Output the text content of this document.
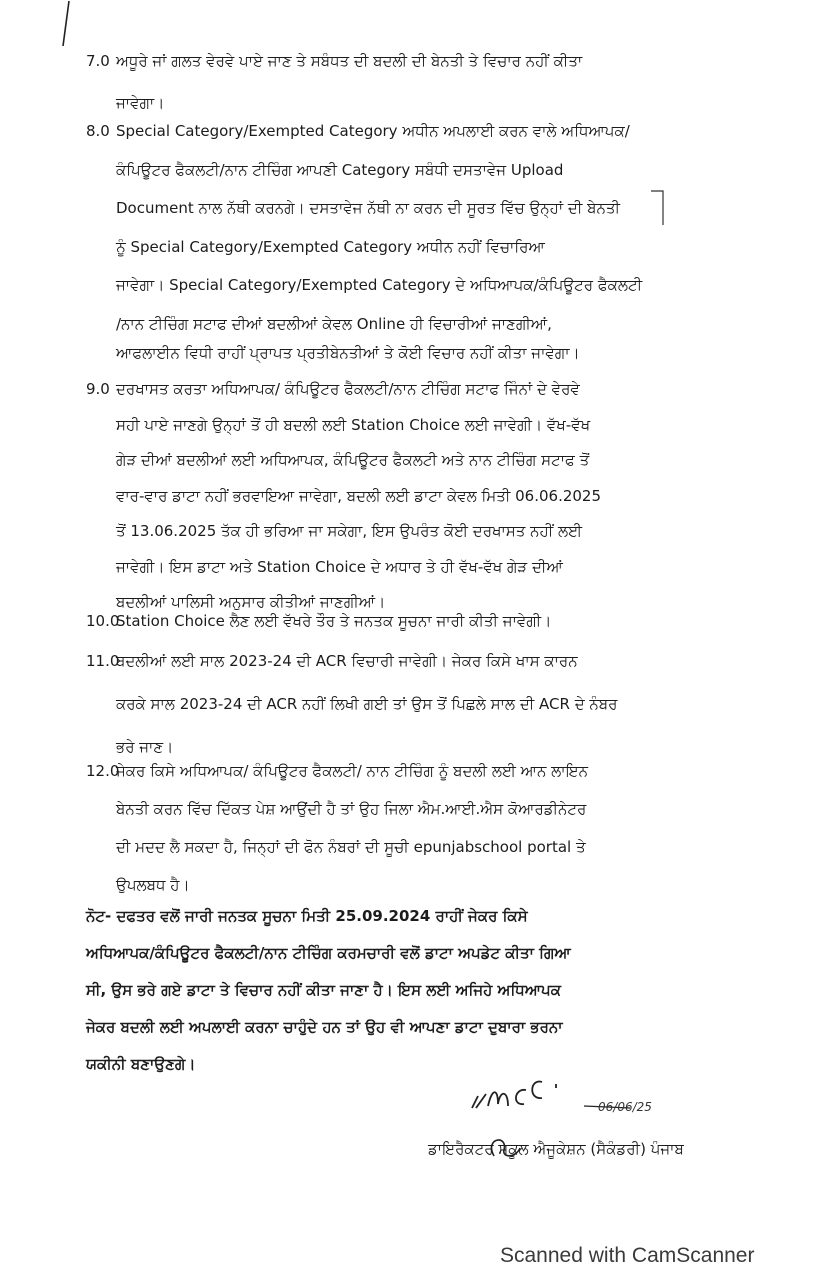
7.0 ਅਧੂਰੇ ਜਾਂ ਗਲਤ ਵੇਰਵੇ ਪਾਏ ਜਾਣ ਤੇ ਸਬੰਧਤ ਦੀ ਬਦਲੀ ਦੀ ਬੇਨਤੀ ਤੇ ਵਿਚਾਰ ਨਹੀਂ ਕੀਤਾ
ਜਾਵੇਗਾ।
8.0 Special Category/Exempted Category ਅਧੀਨ ਅਪਲਾਈ ਕਰਨ ਵਾਲੇ ਅਧਿਆਪਕ/
ਕੰਪਿਊਟਰ ਫੈਕਲਟੀ/ਨਾਨ ਟੀਚਿੰਗ ਆਪਣੀ Category ਸਬੰਧੀ ਦਸਤਾਵੇਜ Upload
Document ਨਾਲ ਨੱਥੀ ਕਰਨਗੇ। ਦਸਤਾਵੇਜ ਨੱਥੀ ਨਾ ਕਰਨ ਦੀ ਸੂਰਤ ਵਿੱਚ ਉਨ੍ਹਾਂ ਦੀ ਬੇਨਤੀ
ਨੂੰ Special Category/Exempted Category ਅਧੀਨ ਨਹੀਂ ਵਿਚਾਰਿਆ
ਜਾਵੇਗਾ। Special Category/Exempted Category ਦੇ ਅਧਿਆਪਕ/ਕੰਪਿਊਟਰ ਫੈਕਲਟੀ
/ਨਾਨ ਟੀਚਿੰਗ ਸਟਾਫ ਦੀਆਂ ਬਦਲੀਆਂ ਕੇਵਲ Online ਹੀ ਵਿਚਾਰੀਆਂ ਜਾਣਗੀਆਂ,
ਆਫਲਾਈਨ ਵਿਧੀ ਰਾਹੀਂ ਪ੍ਰਾਪਤ ਪ੍ਰਤੀਬੇਨਤੀਆਂ ਤੇ ਕੋਈ ਵਿਚਾਰ ਨਹੀਂ ਕੀਤਾ ਜਾਵੇਗਾ।
9.0 ਦਰਖਾਸਤ ਕਰਤਾ ਅਧਿਆਪਕ/ ਕੰਪਿਊਟਰ ਫੈਕਲਟੀ/ਨਾਨ ਟੀਚਿੰਗ ਸਟਾਫ ਜਿੰਨਾਂ ਦੇ ਵੇਰਵੇ
ਸਹੀ ਪਾਏ ਜਾਣਗੇ ਉਨ੍ਹਾਂ ਤੋਂ ਹੀ ਬਦਲੀ ਲਈ Station Choice ਲਈ ਜਾਵੇਗੀ। ਵੱਖ-ਵੱਖ
ਗੇੜ ਦੀਆਂ ਬਦਲੀਆਂ ਲਈ ਅਧਿਆਪਕ, ਕੰਪਿਊਟਰ ਫੈਕਲਟੀ ਅਤੇ ਨਾਨ ਟੀਚਿੰਗ ਸਟਾਫ ਤੋਂ
ਵਾਰ-ਵਾਰ ਡਾਟਾ ਨਹੀਂ ਭਰਵਾਇਆ ਜਾਵੇਗਾ, ਬਦਲੀ ਲਈ ਡਾਟਾ ਕੇਵਲ ਮਿਤੀ 06.06.2025
ਤੋਂ 13.06.2025 ਤੱਕ ਹੀ ਭਰਿਆ ਜਾ ਸਕੇਗਾ, ਇਸ ਉਪਰੰਤ ਕੋਈ ਦਰਖਾਸਤ ਨਹੀਂ ਲਈ
ਜਾਵੇਗੀ। ਇਸ ਡਾਟਾ ਅਤੇ Station Choice ਦੇ ਅਧਾਰ ਤੇ ਹੀ ਵੱਖ-ਵੱਖ ਗੇੜ ਦੀਆਂ
ਬਦਲੀਆਂ ਪਾਲਿਸੀ ਅਨੁਸਾਰ ਕੀਤੀਆਂ ਜਾਣਗੀਆਂ।
10.0
Station Choice ਲੈਣ ਲਈ ਵੱਖਰੇ ਤੌਰ ਤੇ ਜਨਤਕ ਸੂਚਨਾ ਜਾਰੀ ਕੀਤੀ ਜਾਵੇਗੀ।
11.0
ਬਦਲੀਆਂ ਲਈ ਸਾਲ 2023-24 ਦੀ ACR ਵਿਚਾਰੀ ਜਾਵੇਗੀ। ਜੇਕਰ ਕਿਸੇ ਖਾਸ ਕਾਰਨ
ਕਰਕੇ ਸਾਲ 2023-24 ਦੀ ACR ਨਹੀਂ ਲਿਖੀ ਗਈ ਤਾਂ ਉਸ ਤੋਂ ਪਿਛਲੇ ਸਾਲ ਦੀ ACR ਦੇ ਨੰਬਰ
ਭਰੇ ਜਾਣ।
12.0
ਜੇਕਰ ਕਿਸੇ ਅਧਿਆਪਕ/ ਕੰਪਿਊਟਰ ਫੈਕਲਟੀ/ ਨਾਨ ਟੀਚਿੰਗ ਨੂੰ ਬਦਲੀ ਲਈ ਆਨ ਲਾਇਨ
ਬੇਨਤੀ ਕਰਨ ਵਿੱਚ ਦਿੱਕਤ ਪੇਸ਼ ਆਉਂਦੀ ਹੈ ਤਾਂ ਉਹ ਜਿਲਾ ਐਮ.ਆਈ.ਐਸ ਕੋਆਰਡੀਨੇਟਰ
ਦੀ ਮਦਦ ਲੈ ਸਕਦਾ ਹੈ, ਜਿਨ੍ਹਾਂ ਦੀ ਫੋਨ ਨੰਬਰਾਂ ਦੀ ਸੂਚੀ epunjabschool portal ਤੇ
ਉਪਲਬਧ ਹੈ।
ਨੋਟ- ਦਫਤਰ ਵਲੋਂ ਜਾਰੀ ਜਨਤਕ ਸੂਚਨਾ ਮਿਤੀ 25.09.2024 ਰਾਹੀਂ ਜੇਕਰ ਕਿਸੇ
ਅਧਿਆਪਕ/ਕੰਪਿਊਟਰ ਫੈਕਲਟੀ/ਨਾਨ ਟੀਚਿੰਗ ਕਰਮਚਾਰੀ ਵਲੋਂ ਡਾਟਾ ਅਪਡੇਟ ਕੀਤਾ ਗਿਆ
ਸੀ, ਉਸ ਭਰੇ ਗਏ ਡਾਟਾ ਤੇ ਵਿਚਾਰ ਨਹੀਂ ਕੀਤਾ ਜਾਣਾ ਹੈ। ਇਸ ਲਈ ਅਜਿਹੇ ਅਧਿਆਪਕ
ਜੇਕਰ ਬਦਲੀ ਲਈ ਅਪਲਾਈ ਕਰਨਾ ਚਾਹੁੰਦੇ ਹਨ ਤਾਂ ਉਹ ਵੀ ਆਪਣਾ ਡਾਟਾ ਦੁਬਾਰਾ ਭਰਨਾ
ਯਕੀਨੀ ਬਣਾਉਣਗੇ।
06/06/25
ਡਾਇਰੈਕਟਰ ਸਕੂਲ ਐਜੂਕੇਸ਼ਨ (ਸੈਕੰਡਰੀ) ਪੰਜਾਬ
Scanned with CamScanner
